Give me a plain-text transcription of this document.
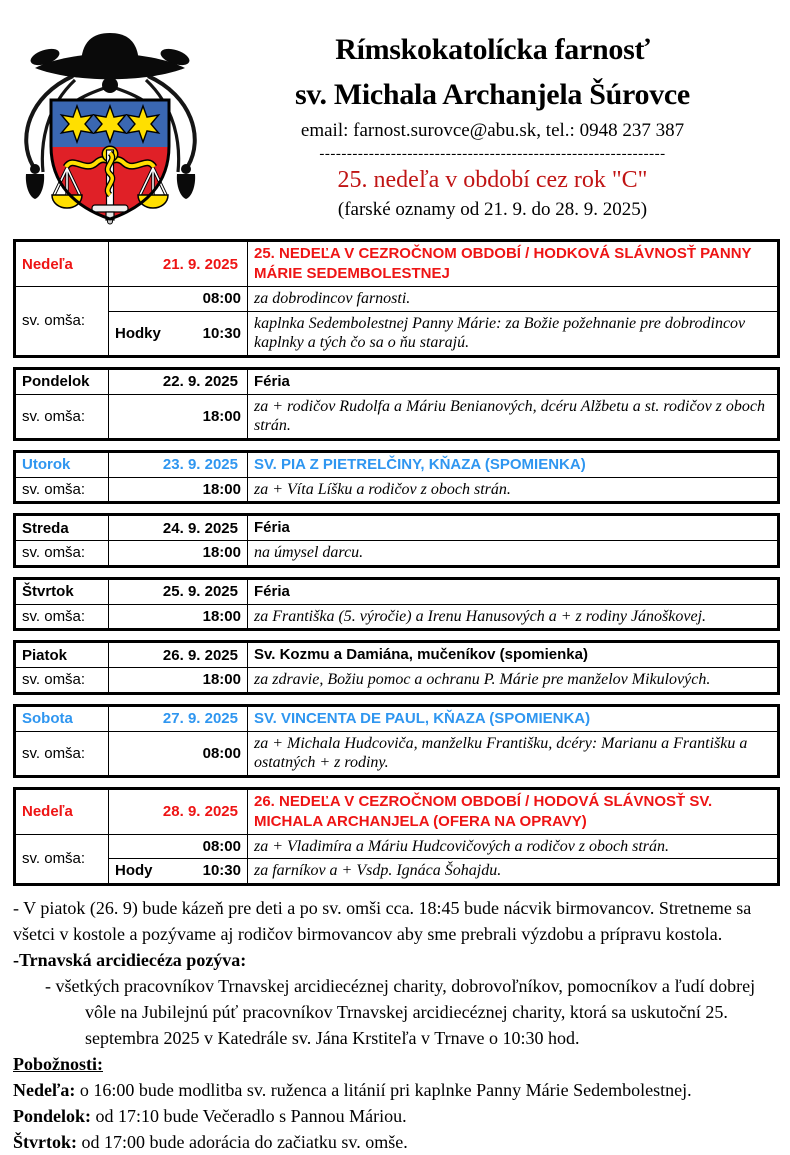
Rímskokatolícka farnosť
sv. Michala Archanjela Šúrovce
email: farnost.surovce@abu.sk, tel.: 0948 237 387
---------------------------------------------------------------
25. nedeľa v období cez rok "C"
(farské oznamy od 21. 9. do 28. 9. 2025)
Nedeľa	21. 9. 2025	25. NEDEĽA V CEZROČNOM OBDOBÍ / HODKOVÁ SLÁVNOSŤ PANNY MÁRIE SEDEMBOLESTNEJ
sv. omša:	08:00	za dobrodincov farnosti.

	Hodky 10:30	kaplnka Sedembolestnej Panny Márie: za Božie požehnanie pre dobrodincov kaplnky a tých čo sa o ňu starajú.
Pondelok	22. 9. 2025	Féria
sv. omša:	18:00	za + rodičov Rudolfa a Máriu Benianových, dcéru Alžbetu a st. rodičov z oboch strán.
Utorok	23. 9. 2025	SV. PIA Z PIETRELČINY, KŇAZA (SPOMIENKA)
sv. omša:	18:00	za + Víta Líšku a rodičov z oboch strán.
Streda	24. 9. 2025	Féria
sv. omša:	18:00	na úmysel darcu.
Štvrtok	25. 9. 2025	Féria
sv. omša:	18:00	za Františka (5. výročie) a Irenu Hanusových a + z rodiny Jánoškovej.
Piatok	26. 9. 2025	Sv. Kozmu a Damiána, mučeníkov (spomienka)
sv. omša:	18:00	za zdravie, Božiu pomoc a ochranu P. Márie pre manželov Mikulových.
Sobota	27. 9. 2025	SV. VINCENTA DE PAUL, KŇAZA (SPOMIENKA)
sv. omša:	08:00	za + Michala Hudcoviča, manželku Františku, dcéry: Marianu a Františku a ostatných + z rodiny.
Nedeľa	28. 9. 2025	26. NEDEĽA V CEZROČNOM OBDOBÍ / HODOVÁ SLÁVNOSŤ SV. MICHALA ARCHANJELA (OFERA NA OPRAVY)
sv. omša:	08:00	za + Vladimíra a Máriu Hudcovičových a rodičov z oboch strán.

	Hody 10:30	za farníkov a + Vsdp. Ignáca Šohajdu.
- V piatok (26. 9) bude kázeň pre deti a po sv. omši cca. 18:45 bude nácvik birmovancov. Stretneme sa všetci v kostole a pozývame aj rodičov birmovancov aby sme prebrali výzdobu a prípravu kostola.
-Trnavská arcidiecéza pozýva:
- všetkých pracovníkov Trnavskej arcidiecéznej charity, dobrovoľníkov, pomocníkov a ľudí dobrej vôle na Jubilejnú púť pracovníkov Trnavskej arcidiecéznej charity, ktorá sa uskutoční 25. septembra 2025 v Katedrále sv. Jána Krstiteľa v Trnave o 10:30 hod.
Pobožnosti:
Nedeľa: o 16:00 bude modlitba sv. ruženca a litánií pri kaplnke Panny Márie Sedembolestnej.
Pondelok: od 17:10 bude Večeradlo s Pannou Máriou.
Štvrtok: od 17:00 bude adorácia do začiatku sv. omše.
